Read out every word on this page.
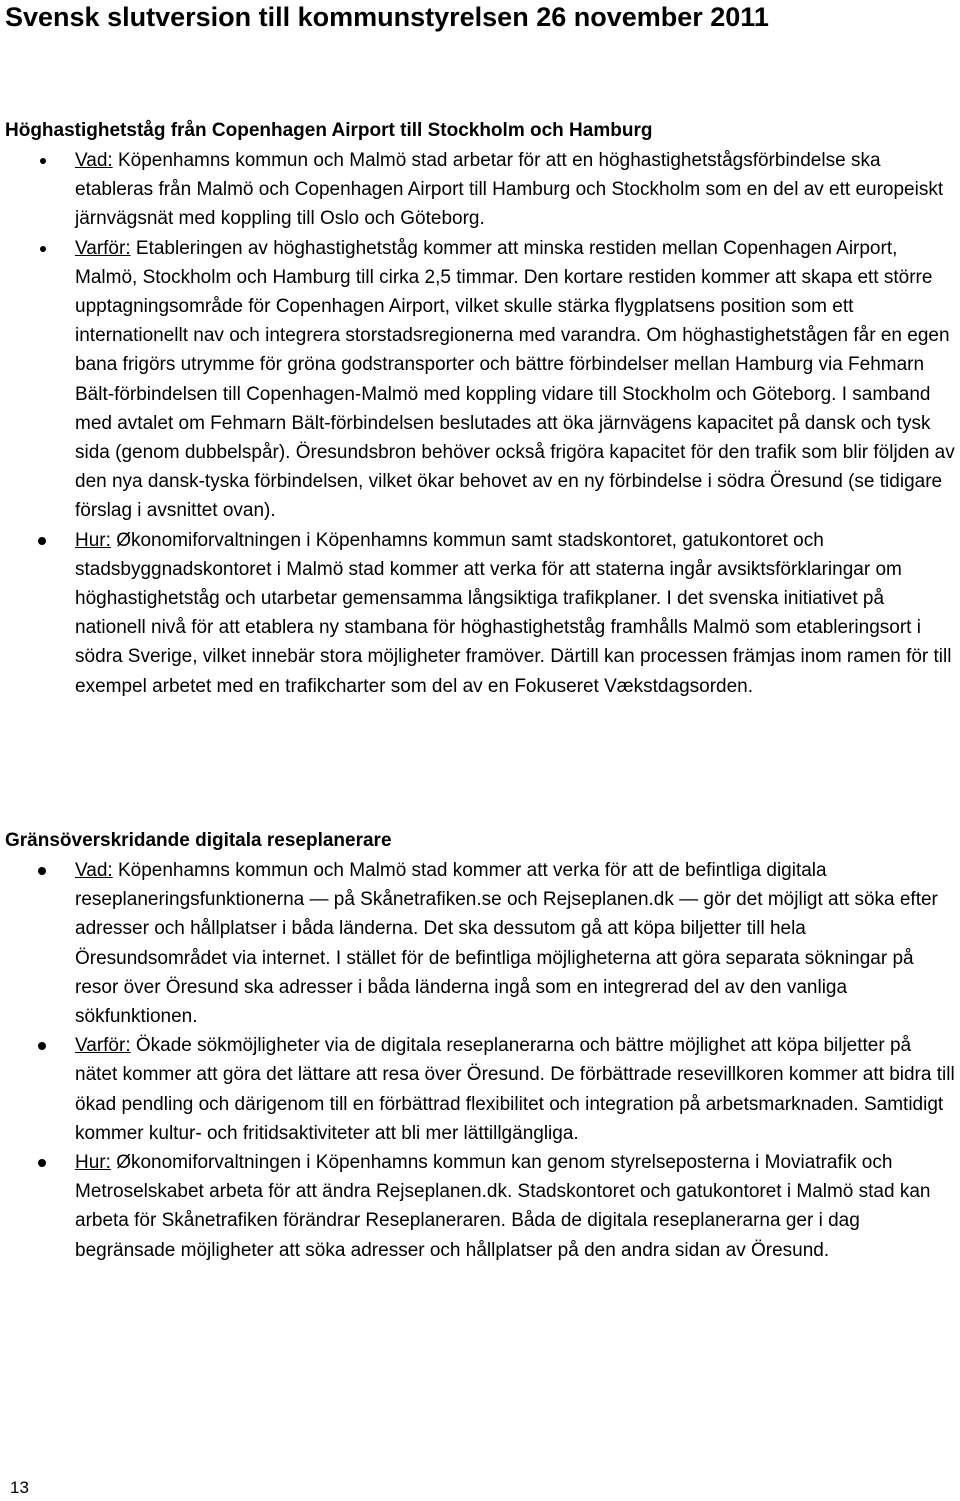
Svensk slutversion till kommunstyrelsen 26 november 2011
Höghastighetståg från Copenhagen Airport till Stockholm och Hamburg
Vad: Köpenhamns kommun och Malmö stad arbetar för att en höghastighetstågsförbindelse ska etableras från Malmö och Copenhagen Airport till Hamburg och Stockholm som en del av ett europeiskt järnvägsnät med koppling till Oslo och Göteborg.
Varför: Etableringen av höghastighetståg kommer att minska restiden mellan Copenhagen Airport, Malmö, Stockholm och Hamburg till cirka 2,5 timmar. Den kortare restiden kommer att skapa ett större upptagningsområde för Copenhagen Airport, vilket skulle stärka flygplatsens position som ett internationellt nav och integrera storstadsregionerna med varandra. Om höghastighetstågen får en egen bana frigörs utrymme för gröna godstransporter och bättre förbindelser mellan Hamburg via Fehmarn Bält-förbindelsen till Copenhagen-Malmö med koppling vidare till Stockholm och Göteborg. I samband med avtalet om Fehmarn Bält-förbindelsen beslutades att öka järnvägens kapacitet på dansk och tysk sida (genom dubbelspår). Öresundsbron behöver också frigöra kapacitet för den trafik som blir följden av den nya dansk-tyska förbindelsen, vilket ökar behovet av en ny förbindelse i södra Öresund (se tidigare förslag i avsnittet ovan).
Hur: Økonomiforvaltningen i Köpenhamns kommun samt stadskontoret, gatukontoret och stadsbyggnadskontoret i Malmö stad kommer att verka för att staterna ingår avsiktsförklaringar om höghastighetståg och utarbetar gemensamma långsiktiga trafikplaner. I det svenska initiativet på nationell nivå för att etablera ny stambana för höghastighetståg framhålls Malmö som etableringsort i södra Sverige, vilket innebär stora möjligheter framöver. Därtill kan processen främjas inom ramen för till exempel arbetet med en trafikcharter som del av en Fokuseret Vækstdagsorden.
Gränsöverskridande digitala reseplanerare
Vad: Köpenhamns kommun och Malmö stad kommer att verka för att de befintliga digitala reseplaneringsfunktionerna — på Skånetrafiken.se och Rejseplanen.dk — gör det möjligt att söka efter adresser och hållplatser i båda länderna. Det ska dessutom gå att köpa biljetter till hela Öresundsområdet via internet. I stället för de befintliga möjligheterna att göra separata sökningar på resor över Öresund ska adresser i båda länderna ingå som en integrerad del av den vanliga sökfunktionen.
Varför: Ökade sökmöjligheter via de digitala reseplanerarna och bättre möjlighet att köpa biljetter på nätet kommer att göra det lättare att resa över Öresund. De förbättrade resevillkoren kommer att bidra till ökad pendling och därigenom till en förbättrad flexibilitet och integration på arbetsmarknaden. Samtidigt kommer kultur- och fritidsaktiviteter att bli mer lättillgängliga.
Hur: Økonomiforvaltningen i Köpenhamns kommun kan genom styrelseposterna i Moviatrafik och Metroselskabet arbeta för att ändra Rejseplanen.dk. Stadskontoret och gatukontoret i Malmö stad kan arbeta för Skånetrafiken förändrar Reseplaneraren. Båda de digitala reseplanerarna ger i dag begränsade möjligheter att söka adresser och hållplatser på den andra sidan av Öresund.
13
